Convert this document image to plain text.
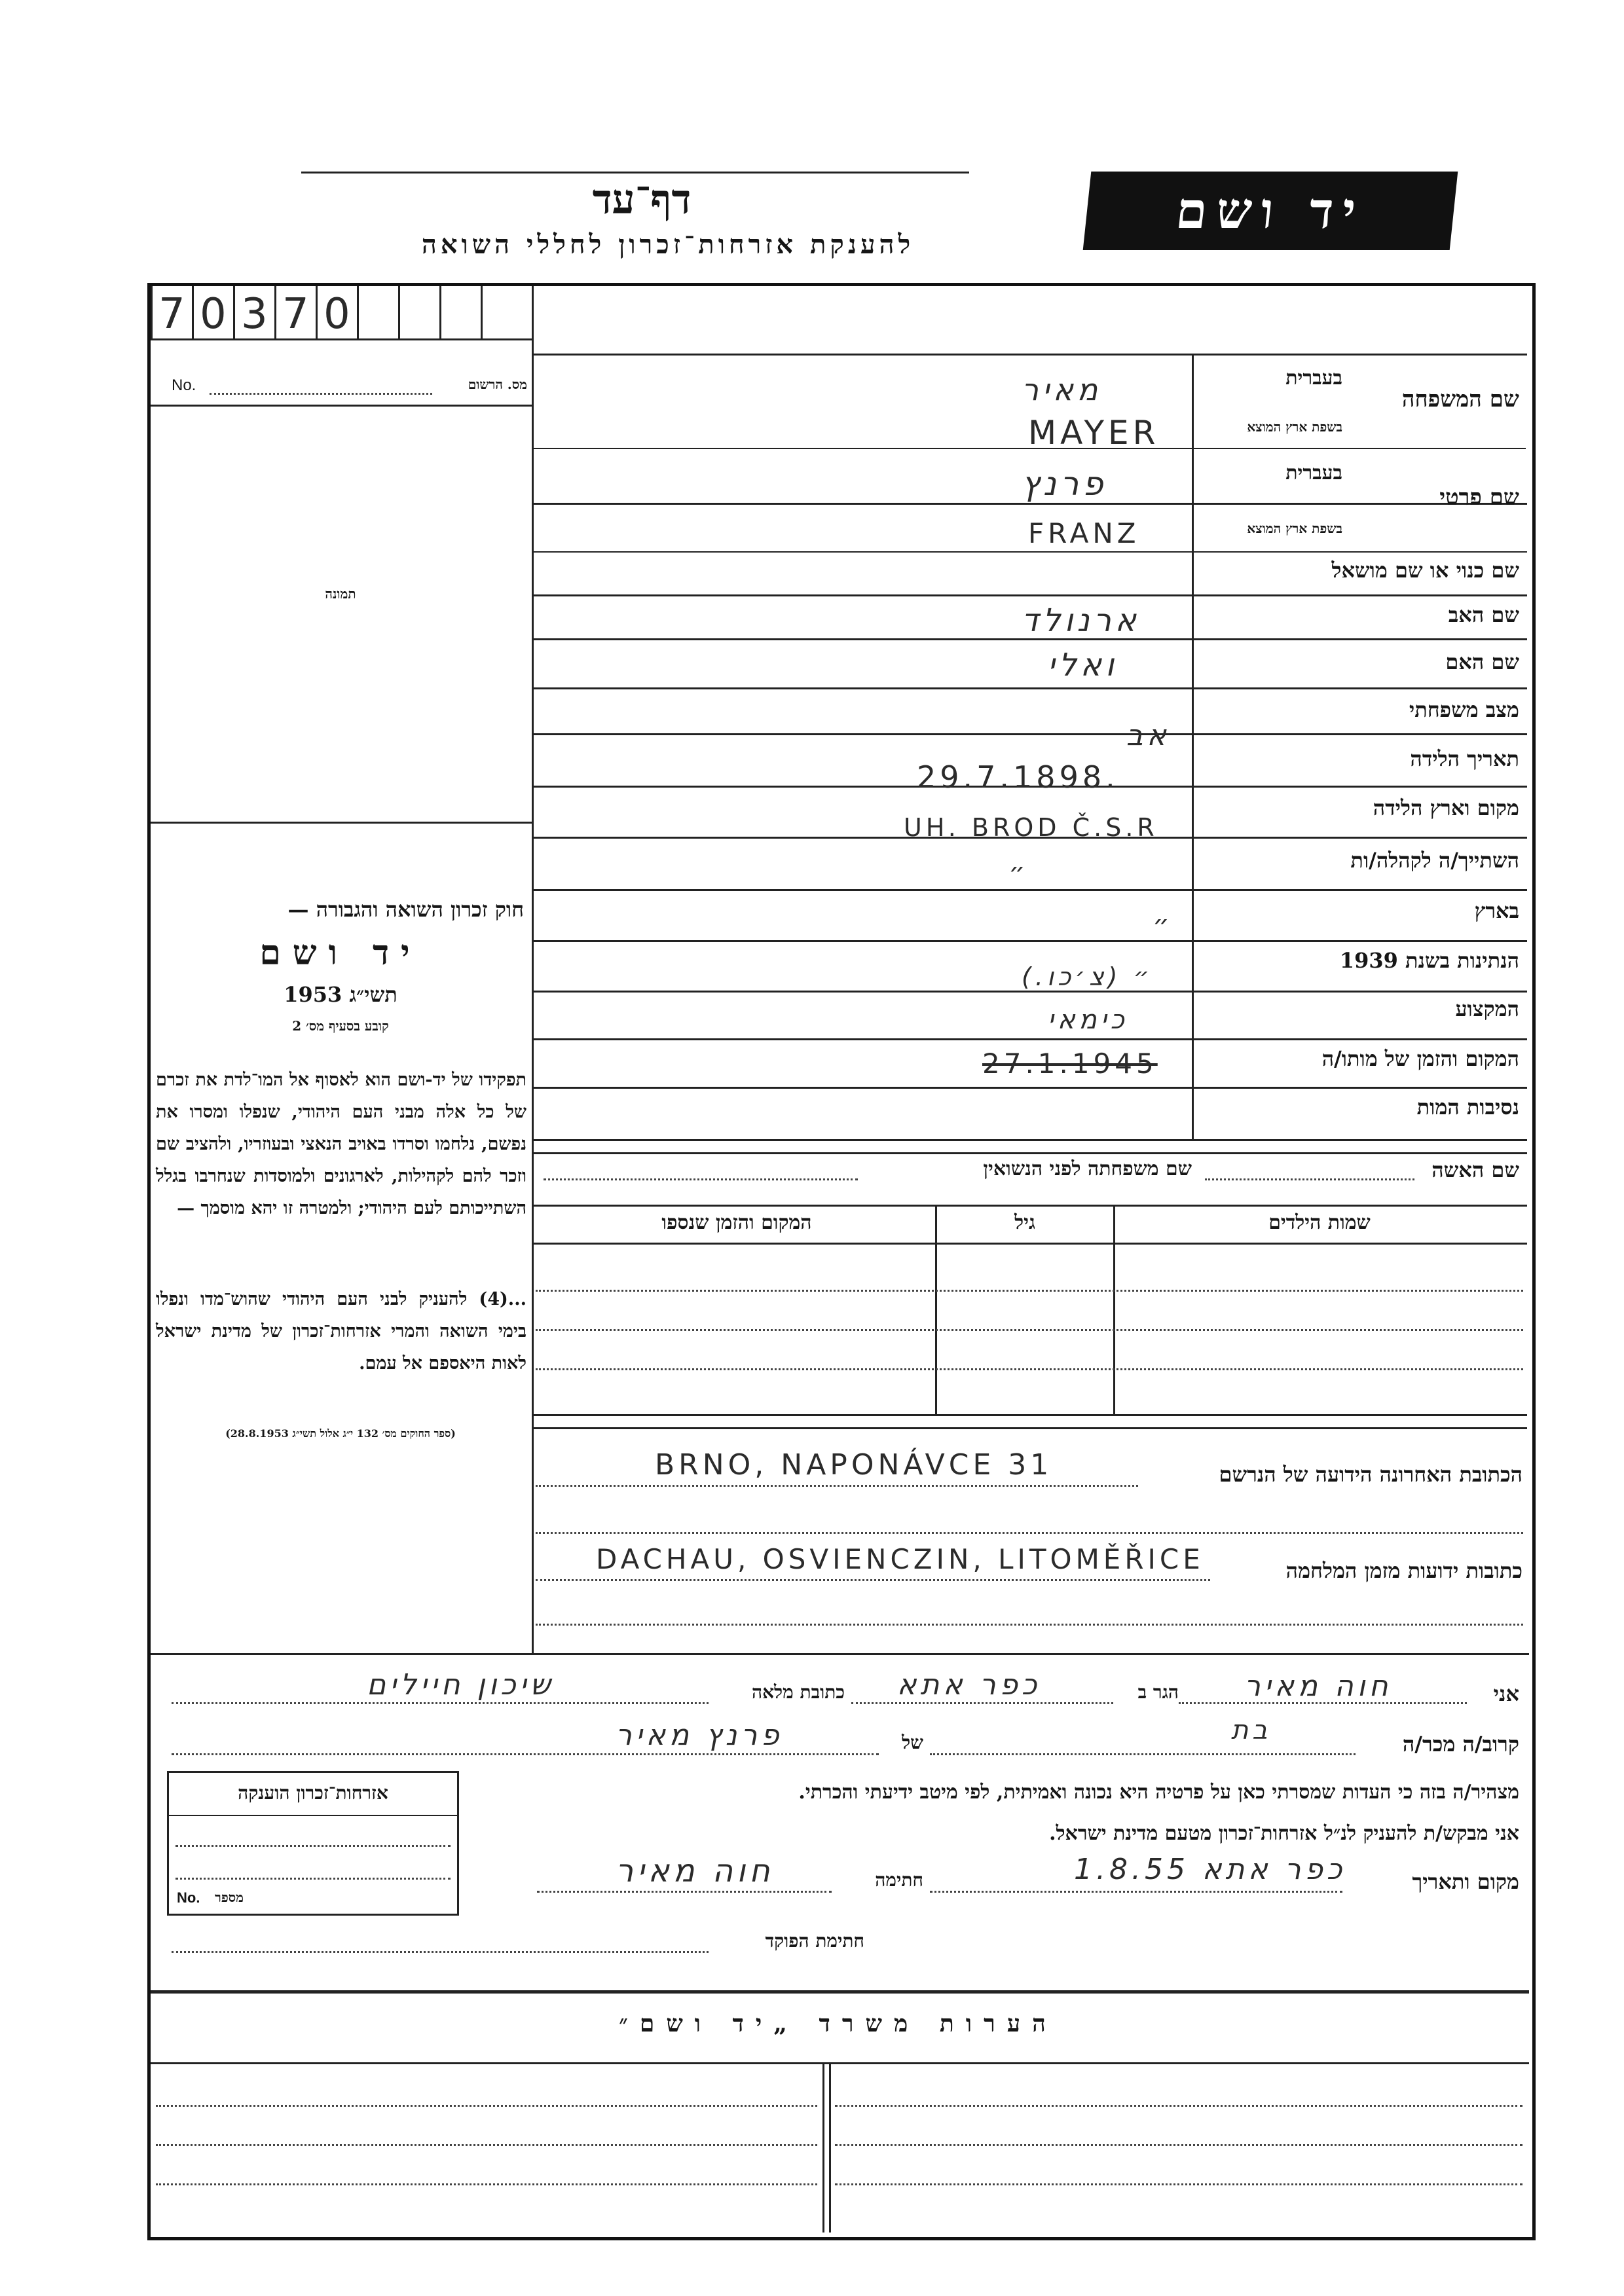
דף־עד
להענקת אזרחות־זכרון לחללי השואה
יד ושם
7 0 3 7 0
No.	מס. הרשום
תמונה
שם המשפחה
בעברית
בשפת ארץ המוצא
מאיר
MAYER
שם פרטי
בעברית
בשפת ארץ המוצא
פרנץ
FRANZ
שם כנוי או שם מושאל
שם האב
ארנולד
שם האם
ואלי
מצב משפחתי
אב
תאריך הלידה
29.7.1898.
מקום וארץ הלידה
UH. BROD Č.S.R
השתייך/ה לקהלה/ות
״
בארץ
״
הנתינות בשנת 1939
״ (צ׳כו.)
המקצוע
כימאי
המקום והזמן של מותו/ה
27.1.1945
נסיבות המות
חוק זכרון השואה והגבורה —
יד ושם
תשי״ג 1953
קובע בסעיף מס׳ 2
תפקידו של יד-ושם הוא לאסוף אל המו־לדת את זכרם של כל אלה מבני העם היהודי, שנפלו ומסרו את נפשם, נלחמו וסרדו באויב הנאצי ובעוזריו, ולהציב שם וזכר להם לקהילות, לארגונים ולמוסדות שנחרבו בגלל השתייכותם לעם היהודי; ולמטרה זו יהא מוסמך —
...(4) להעניק לבני העם היהודי שהוש־מדו ונפלו בימי השואה והמרי אזרחות־זכרון של מדינת ישראל לאות היאספם אל עמם.
(ספר החוקים מס׳ 132 י״ג אלול תשי״ג 28.8.1953)
שם האשה
שם משפחתה לפני הנשואין
שמות הילדים
גיל
המקום והזמן שנספו
הכתובת האחרונה הידועה של הנרשם
BRNO, NAPONÁVCE 31
כתובות ידועות מזמן המלחמה
DACHAU, OSVIENCZIN, LITOMĚŘICE
אני
חוה מאיר
הגר ב
כפר אתא
כתובת מלאה
שיכון חיילים
קרוב/ה מכר/ה
בת
של
פרנץ מאיר
מצהיר/ה בזה כי העדות שמסרתי כאן על פרטיה היא נכונה ואמיתית, לפי מיטב ידיעתי והכרתי.
אני מבקש/ת להעניק לנ״ל אזרחות־זכרון מטעם מדינת ישראל.
מקום ותאריך
כפר אתא 1.8.55
חתימה
חוה מאיר
חתימת הפוקד
אזרחות־זכרון הוענקה
No. מספר
הערות משרד „יד ושם״
